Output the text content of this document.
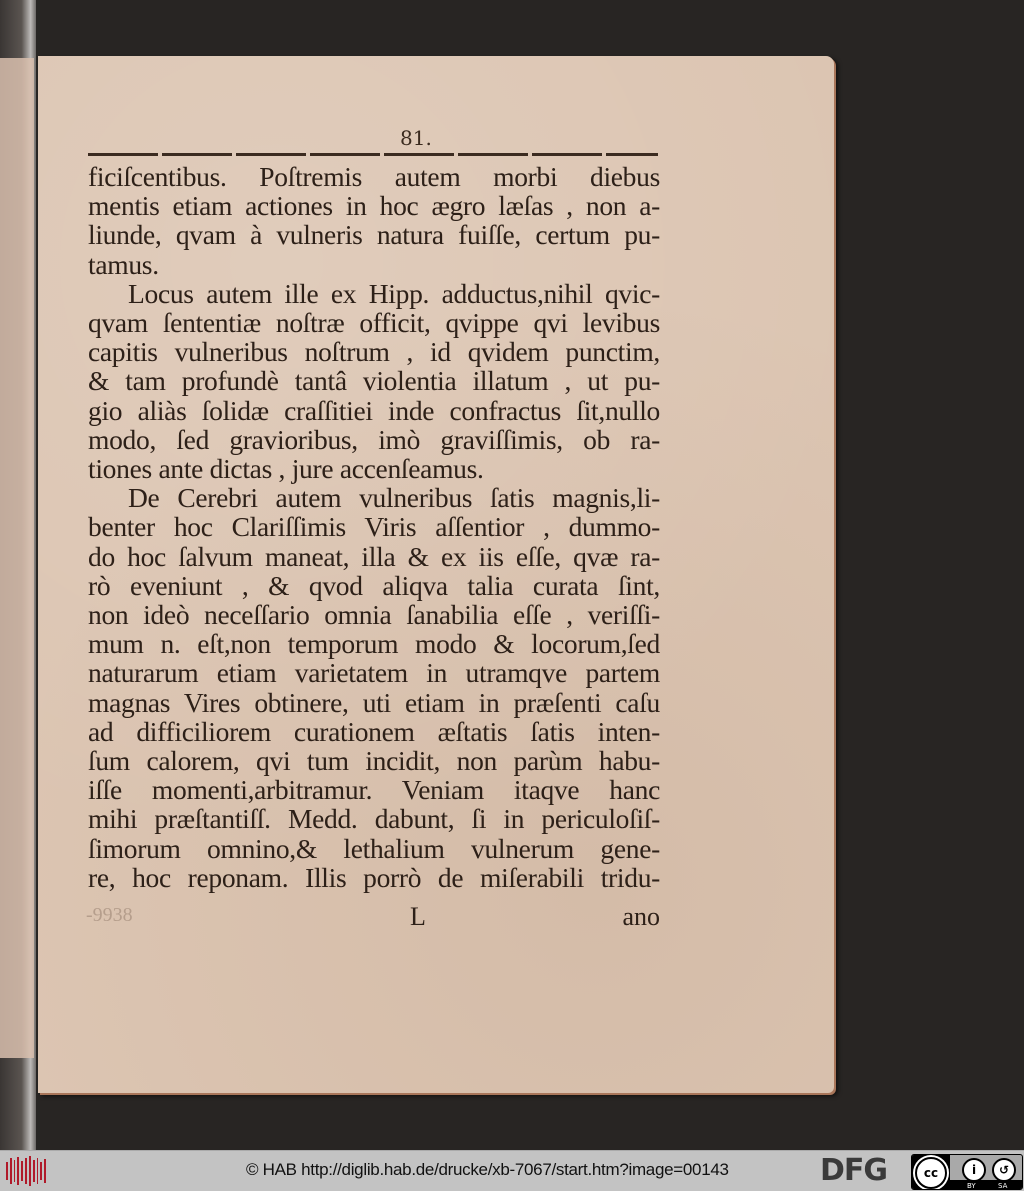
81.
ficiſcentibus. Poſtremis autem morbi diebus
mentis etiam actiones in hoc ægro læſas , non a-
liunde, qvam à vulneris natura fuiſſe, certum pu-
tamus.
Locus autem ille ex Hipp. adductus,nihil qvic-
qvam ſententiæ noſtræ officit, qvippe qvi levibus
capitis vulneribus noſtrum , id qvidem punctim,
& tam profundè tantâ violentia illatum , ut pu-
gio aliàs ſolidæ craſſitiei inde confractus ſit,nullo
modo, ſed gravioribus, imò graviſſimis, ob ra-
tiones ante dictas , jure accenſeamus.
De Cerebri autem vulneribus ſatis magnis,li-
benter hoc Clariſſimis Viris aſſentior , dummo-
do hoc ſalvum maneat, illa & ex iis eſſe, qvæ ra-
rò eveniunt , & qvod aliqva talia curata ſint,
non ideò neceſſario omnia ſanabilia eſſe , veriſſi-
mum n. eſt,non temporum modo & locorum,ſed
naturarum etiam varietatem in utramqve partem
magnas Vires obtinere, uti etiam in præſenti caſu
ad difficiliorem curationem æſtatis ſatis inten-
ſum calorem, qvi tum incidit, non parùm habu-
iſſe momenti,arbitramur. Veniam itaqve hanc
mihi præſtantiſſ. Medd. dabunt, ſi in periculoſiſ-
ſimorum omnino,& lethalium vulnerum gene-
re, hoc reponam. Illis porrò de miſerabili tridu-
-9938	L	ano
© HAB http://diglib.hab.de/drucke/xb-7067/start.htm?image=00143	DFG	cc	i	↺
BY	SA
